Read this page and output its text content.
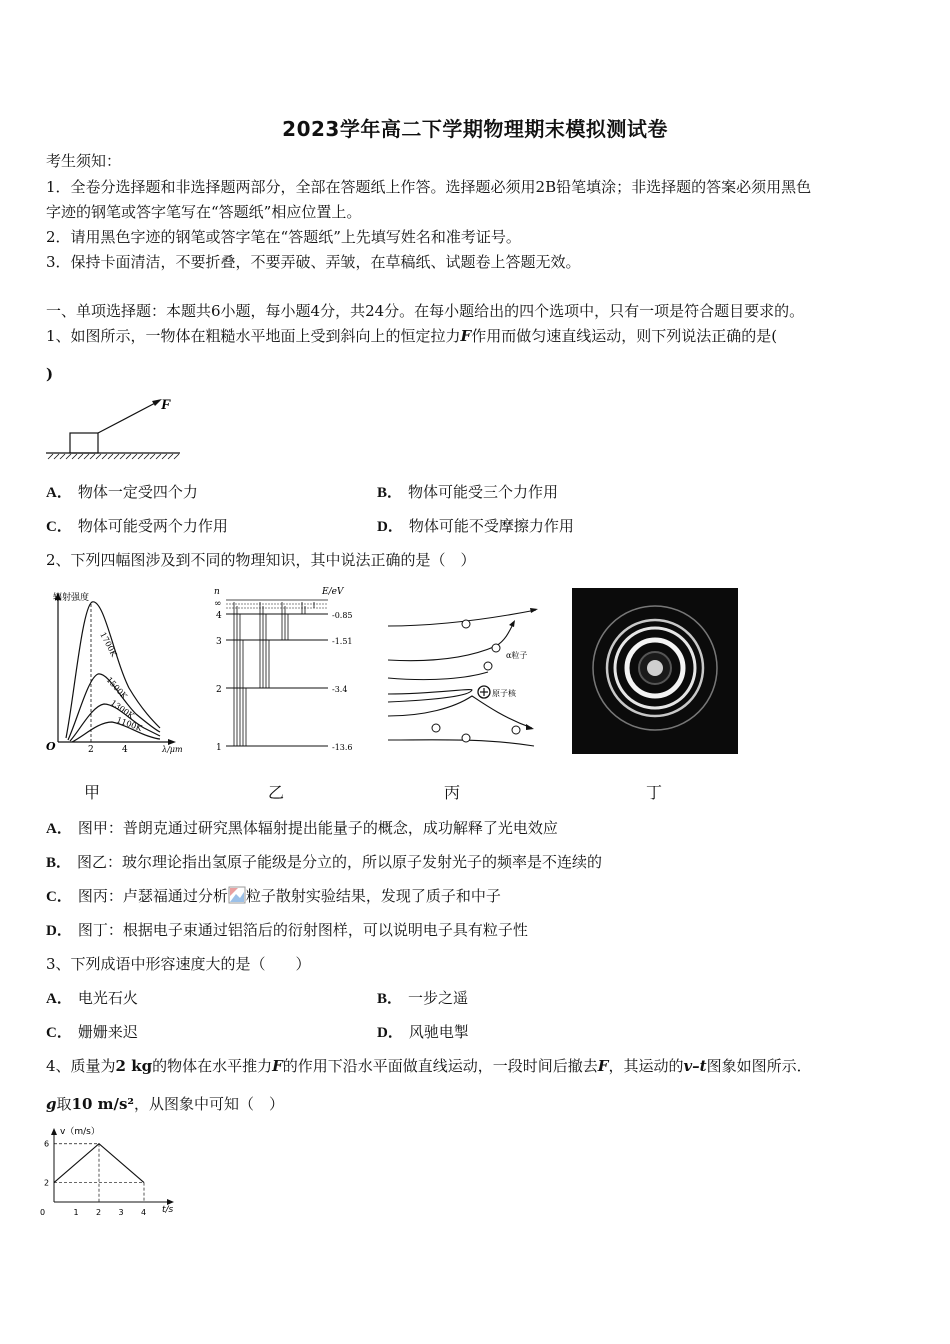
2023学年高二下学期物理期末模拟测试卷
考生须知：
1．全卷分选择题和非选择题两部分，全部在答题纸上作答。选择题必须用2B铅笔填涂；非选择题的答案必须用黑色
字迹的钢笔或答字笔写在“答题纸”相应位置上。
2．请用黑色字迹的钢笔或答字笔在“答题纸”上先填写姓名和准考证号。
3．保持卡面清洁，不要折叠，不要弄破、弄皱，在草稿纸、试题卷上答题无效。
一、单项选择题：本题共6小题，每小题4分，共24分。在每小题给出的四个选项中，只有一项是符合题目要求的。
1、如图所示，一物体在粗糙水平地面上受到斜向上的恒定拉力F作用而做匀速直线运动，则下列说法正确的是(
)
F
A． 物体一定受四个力	B． 物体可能受三个力作用
C． 物体可能受两个力作用	D． 物体可能不受摩擦力作用
2、下列四幅图涉及到不同的物理知识，其中说法正确的是（　）
辐射强度
λ/μm
O	2	4
1700K
1500K
1300K
1100K
n	E/eV
∞
4
3
2
1
-0.85
-1.51
-3.4
-13.6
α粒子
原子核
甲	乙	丙	丁
A． 图甲：普朗克通过研究黑体辐射提出能量子的概念，成功解释了光电效应
B． 图乙：玻尔理论指出氢原子能级是分立的，所以原子发射光子的频率是不连续的
C． 图丙：卢瑟福通过分析 粒子散射实验结果，发现了质子和中子
D． 图丁：根据电子束通过铝箔后的衍射图样，可以说明电子具有粒子性
3、下列成语中形容速度大的是（　　）
A． 电光石火	B． 一步之遥
C． 姗姗来迟	D． 风驰电掣
4、质量为2 kg的物体在水平推力F的作用下沿水平面做直线运动，一段时间后撤去F，其运动的v–t图象如图所示．
g取10 m/s²，从图象中可知（　）
v（m/s）
t/s
0	1 2 3 4
2
6
